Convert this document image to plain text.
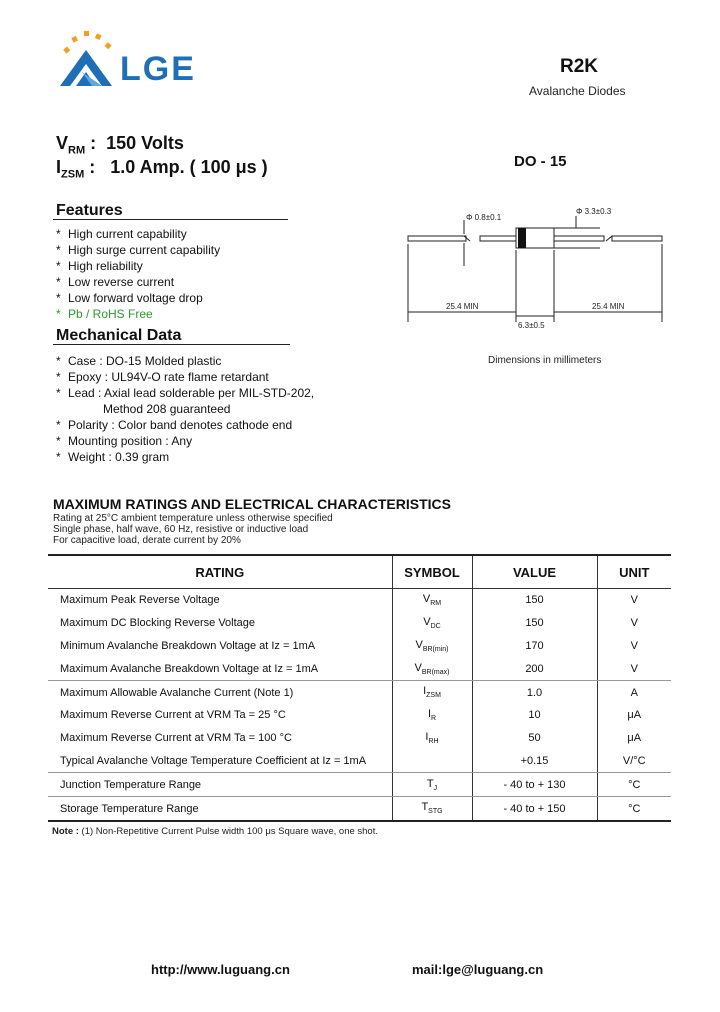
LGE	R2K
Avalanche Diodes
$V_{RM}$ :  150 Volts
$I_{ZSM}$ :   1.0 Amp. ( 100 μs )	DO - 15
Φ 0.8±0.1
Φ 3.3±0.3
25.4 MIN	25.4 MIN
6.3±0.5
Dimensions in millimeters
Features
* High current capability
* High surge current capability
* High reliability
* Low reverse current
* Low forward voltage drop
* Pb / RoHS Free
Mechanical Data
* Case : DO-15 Molded plastic
* Epoxy : UL94V-O rate flame retardant
* Lead : Axial lead solderable per MIL-STD-202,
Method 208 guaranteed
* Polarity : Color band denotes cathode end
* Mounting position : Any
* Weight : 0.39 gram
MAXIMUM RATINGS AND ELECTRICAL CHARACTERISTICS
Rating at 25°C ambient temperature unless otherwise specified
Single phase, half wave, 60 Hz, resistive or inductive load
For capacitive load, derate current by 20%
RATING	SYMBOL	VALUE	UNIT
Maximum Peak Reverse Voltage	$V_{RM}$	150	V
Maximum DC Blocking Reverse Voltage	$V_{DC}$	150	V
Minimum Avalanche Breakdown Voltage at Iz = 1mA	$V_{BR(min)}$	170	V
Maximum Avalanche Breakdown Voltage at Iz = 1mA	$V_{BR(max)}$	200	V
Maximum Allowable Avalanche Current (Note 1)	$I_{ZSM}$	1.0	A
Maximum Reverse Current at VRM Ta = 25 °C	$I_R$	10	μA
Maximum Reverse Current at VRM Ta = 100 °C	$I_{RH}$	50	μA
Typical Avalanche Voltage Temperature Coefficient at Iz = 1mA		+0.15	V/°C
Junction Temperature Range	$T_J$	- 40 to + 130	°C
Storage Temperature Range	$T_{STG}$	- 40 to + 150	°C
Note : (1) Non-Repetitive Current Pulse width 100 μs Square wave, one shot.
http://www.luguang.cn	mail:lge@luguang.cn
